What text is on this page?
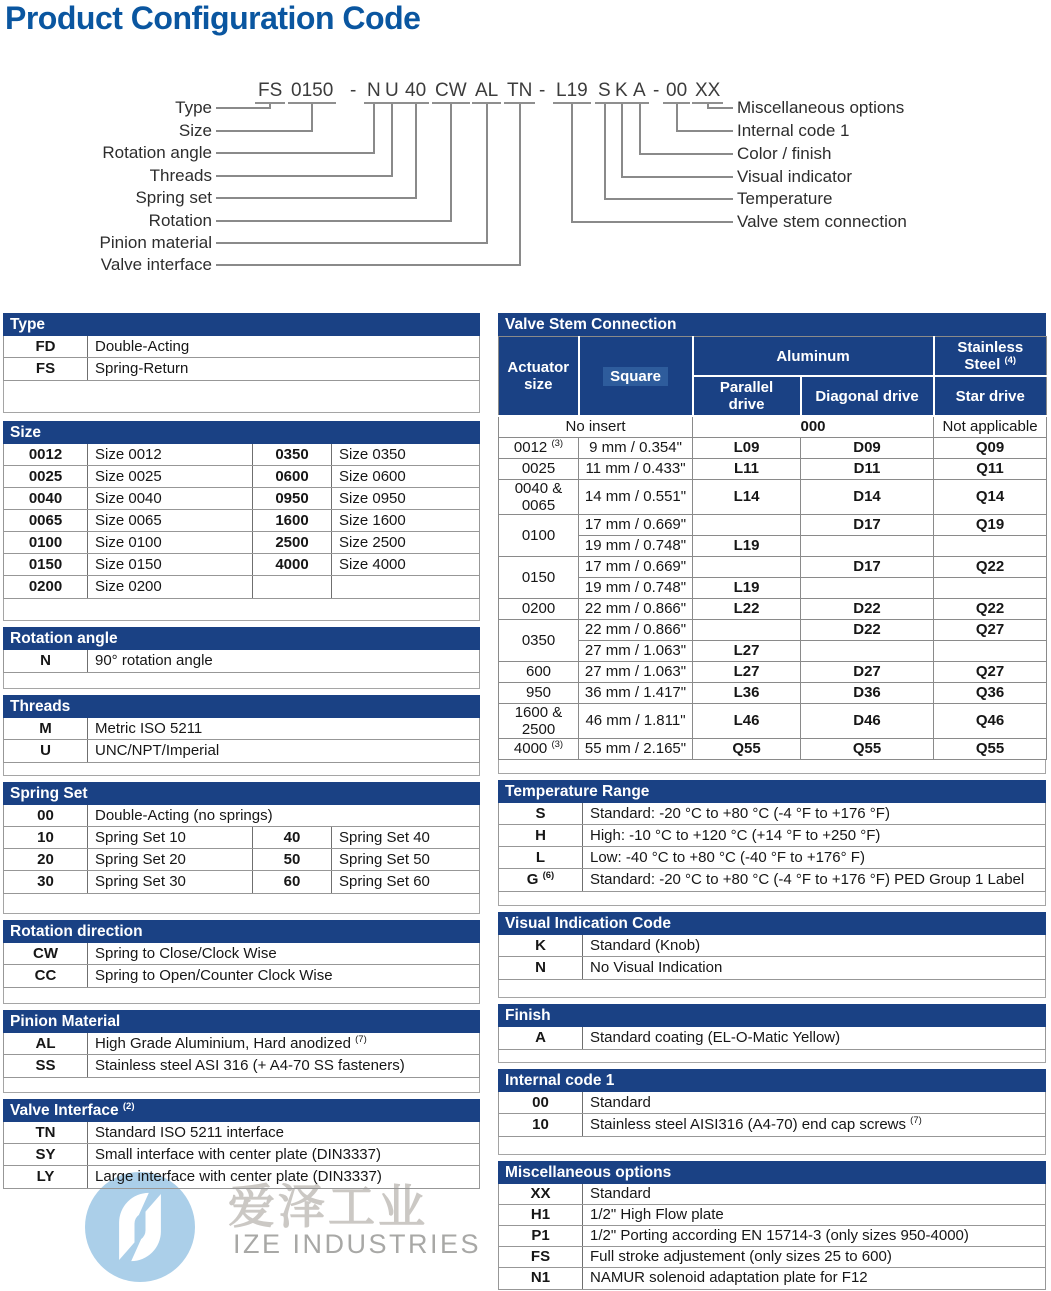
Product Configuration Code
FS 0150 - N U 40 CW AL TN - L19 S K A - 00 XX
Type
Size
Rotation angle
Threads
Spring set
Rotation
Pinion material
Valve interface
Miscellaneous options
Internal code 1
Color / finish
Visual indicator
Temperature
Valve stem connection
Type
FD	Double-Acting
FS	Spring-Return
Size
0012	Size 0012	0350	Size 0350
0025	Size 0025	0600	Size 0600
0040	Size 0040	0950	Size 0950
0065	Size 0065	1600	Size 1600
0100	Size 0100	2500	Size 2500
0150	Size 0150	4000	Size 4000
0200	Size 0200
Rotation angle
N	90° rotation angle
Threads
M	Metric ISO 5211
U	UNC/NPT/Imperial
Spring Set
00	Double-Acting (no springs)
10	Spring Set 10	40	Spring Set 40
20	Spring Set 20	50	Spring Set 50
30	Spring Set 30	60	Spring Set 60
Rotation direction
CW	Spring to Close/Clock Wise
CC	Spring to Open/Counter Clock Wise
Pinion Material
AL	High Grade Aluminium, Hard anodized $^{(7)}$
SS	Stainless steel ASI 316 (+ A4-70 SS fasteners)
Valve Interface $^{(2)}$
TN	Standard ISO 5211 interface
SY	Small interface with center plate (DIN3337)
LY	Large interface with center plate (DIN3337)
Valve Stem Connection
Actuator size	Square	Aluminum		Stainless Steel $^{(4)}$
		Parallel drive	Diagonal drive	Star drive
No insert		000		Not applicable
0012 $^{(3)}$	9 mm / 0.354"	L09	D09	Q09
0025	11 mm / 0.433"	L11	D11	Q11
0040 & 0065	14 mm / 0.551"	L14	D14	Q14
0100	17 mm / 0.669"		D17	Q19
	19 mm / 0.748"	L19		
0150	17 mm / 0.669"		D17	Q22
	19 mm / 0.748"	L19		
0200	22 mm / 0.866"	L22	D22	Q22
0350	22 mm / 0.866"		D22	Q27
	27 mm / 1.063"	L27		
600	27 mm / 1.063"	L27	D27	Q27
950	36 mm / 1.417"	L36	D36	Q36
1600 & 2500	46 mm / 1.811"	L46	D46	Q46
4000 $^{(3)}$	55 mm / 2.165"	Q55	Q55	Q55
Temperature Range
S	Standard: -20 °C to +80 °C (-4 °F to +176 °F)
H	High: -10 °C to +120 °C (+14 °F to +250 °F)
L	Low: -40 °C to +80 °C (-40 °F to +176° F)
G $^{(6)}$	Standard: -20 °C to +80 °C (-4 °F to +176 °F) PED Group 1 Label
Visual Indication Code
K	Standard (Knob)
N	No Visual Indication
Finish
A	Standard coating (EL-O-Matic Yellow)
Internal code 1
00	Standard
10	Stainless steel AISI316 (A4-70) end cap screws $^{(7)}$
Miscellaneous options
XX	Standard
H1	1/2" High Flow plate
P1	1/2" Porting according EN 15714-3 (only sizes 950-4000)
FS	Full stroke adjustement (only sizes 25 to 600)
N1	NAMUR solenoid adaptation plate for F12
爱泽工业
IZE INDUSTRIES
